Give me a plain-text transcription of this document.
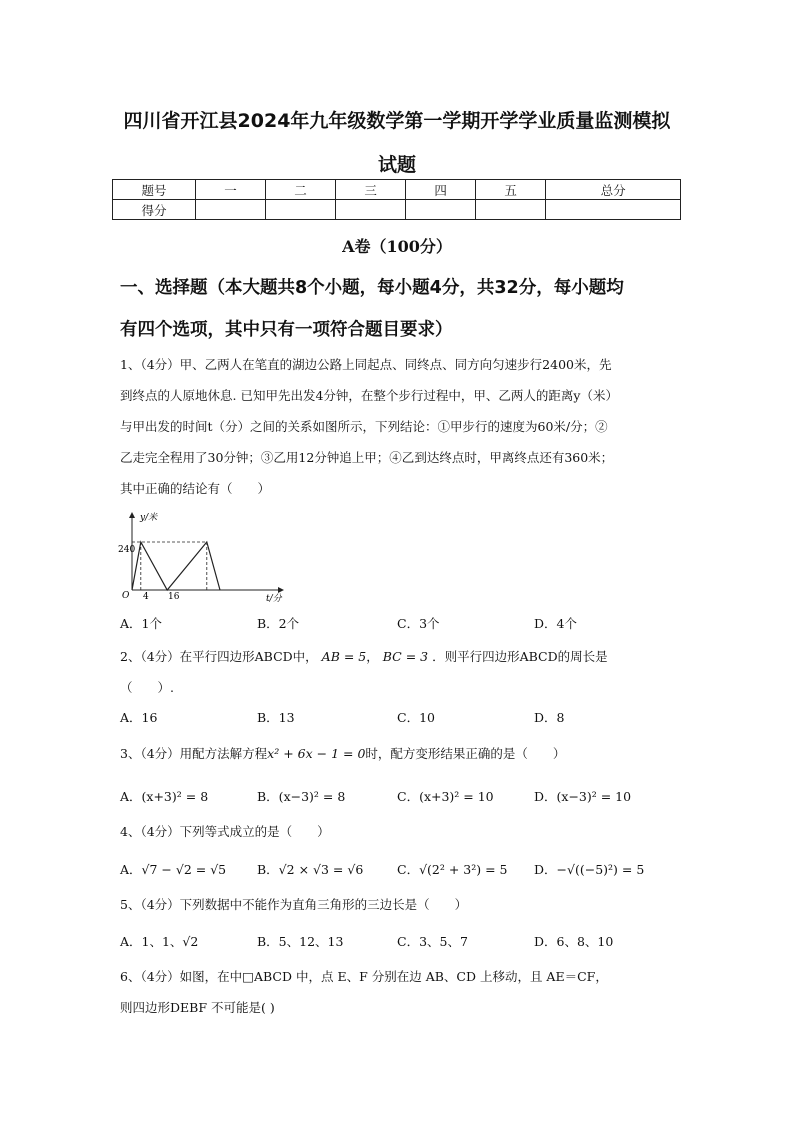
四川省开江县2024年九年级数学第一学期开学学业质量监测模拟
试题
题号	一	二	三	四	五	总分
得分						
A卷（100分）
一、选择题（本大题共8个小题，每小题4分，共32分，每小题均
有四个选项，其中只有一项符合题目要求）
1、（4分）甲、乙两人在笔直的湖边公路上同起点、同终点、同方向匀速步行2400米，先
到终点的人原地休息. 已知甲先出发4分钟，在整个步行过程中，甲、乙两人的距离y（米）
与甲出发的时间t（分）之间的关系如图所示，下列结论：①甲步行的速度为60米/分；②
乙走完全程用了30分钟；③乙用12分钟追上甲；④乙到达终点时，甲离终点还有360米；
其中正确的结论有（　　）
y/米
t/分
O
240
4 16
A．1个	B．2个	C．3个	D．4个
2、（4分）在平行四边形ABCD中， AB = 5， BC = 3 ．则平行四边形ABCD的周长是
（　　）.
A．16	B．13	C．10	D．8
3、（4分）用配方法解方程x² + 6x − 1 = 0时，配方变形结果正确的是（　　）
A．(x+3)² = 8	B．(x−3)² = 8	C．(x+3)² = 10	D．(x−3)² = 10
4、（4分）下列等式成立的是（　　）
A．√7 − √2 = √5 B．√2 × √3 = √6	C．√(2² + 3²) = 5 D．−√((−5)²) = 5
5、（4分）下列数据中不能作为直角三角形的三边长是（　　）
A．1、1、√2	B．5、12、13	C．3、5、7	D．6、8、10
6、（4分）如图，在中□ABCD 中，点 E、F 分别在边 AB、CD 上移动，且 AE＝CF，
则四边形DEBF 不可能是( )
